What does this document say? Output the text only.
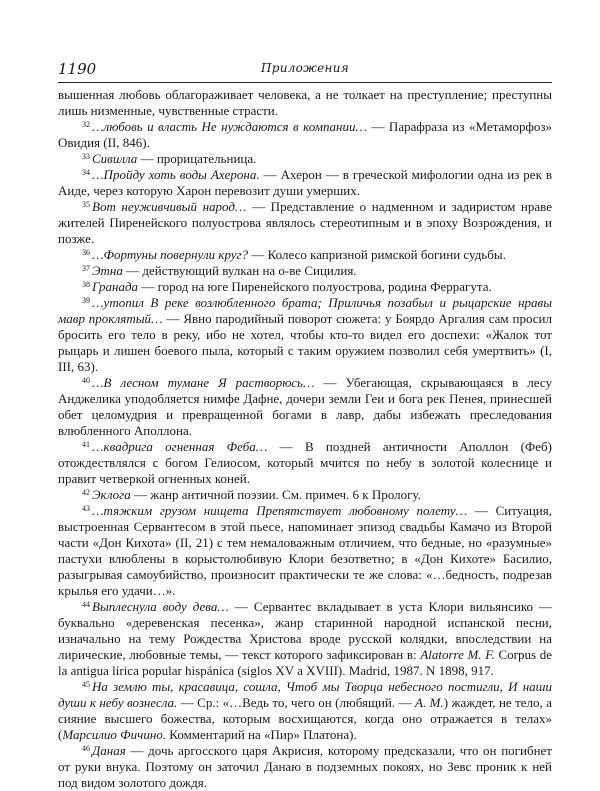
1190	Приложения

вышенная любовь облагораживает человека, а не толкает на преступление; преступны лишь низменные, чувственные страсти.

$^{32}$ …любовь и власть Не нуждаются в компании… — Парафраза из «Метаморфоз» Овидия (II, 846).

$^{33}$ Сивилла — прорицательница.

$^{34}$ …Пройду хоть воды Ахерона. — Ахерон — в греческой мифологии одна из рек в Аиде, через которую Харон перевозит души умерших.

$^{35}$ Вот неуживчивый народ… — Представление о надменном и задиристом нраве жителей Пиренейского полуострова являлось стереотипным и в эпоху Возрождения, и позже.

$^{36}$ …Фортуны повернули круг? — Колесо капризной римской богини судьбы.

$^{37}$ Этна — действующий вулкан на о-ве Сицилия.

$^{38}$ Гранада — город на юге Пиренейского полуострова, родина Феррагута.

$^{39}$ …утопил В реке возлюбленного брата; Приличья позабыл и рыцарские нравы мавр проклятый… — Явно пародийный поворот сюжета: у Боярдо Аргалия сам просил бросить его тело в реку, ибо не хотел, чтобы кто-то видел его доспехи: «Жалок тот рыцарь и лишен боевого пыла, который с таким оружием позволил себя умертвить» (I, III, 63).

$^{40}$ …В лесном тумане Я растворюсь… — Убегающая, скрывающаяся в лесу Анджелика уподобляется нимфе Дафне, дочери земли Геи и бога рек Пенея, принесшей обет целомудрия и превращенной богами в лавр, дабы избежать преследования влюбленного Аполлона.

$^{41}$ …квадрига огненная Феба… — В поздней античности Аполлон (Феб) отождествлялся с богом Гелиосом, который мчится по небу в золотой колеснице и правит четверкой огненных коней.

$^{42}$ Эклога — жанр античной поэзии. См. примеч. 6 к Прологу.

$^{43}$ …тяжким грузом нищета Препятствует любовному полету… — Ситуация, выстроенная Сервантесом в этой пьесе, напоминает эпизод свадьбы Камачо из Второй части «Дон Кихота» (II, 21) с тем немаловажным отличием, что бедные, но «разумные» пастухи влюблены в корыстолюбивую Клори безответно; в «Дон Кихоте» Басилио, разыгрывая самоубийство, произносит практически те же слова: «…бедность, подрезав крылья его удачи…».

$^{44}$ Выплеснула воду дева… — Сервантес вкладывает в уста Клори вильянсико — буквально «деревенская песенка», жанр старинной народной испанской песни, изначально на тему Рождества Христова вроде русской колядки, впоследствии на лирические, любовные темы, — текст которого зафиксирован в: Alatorre M. F. Corpus de la antigua lírica popular hispánica (siglos XV a XVIII). Madrid, 1987. N 1898, 917.

$^{45}$ На землю ты, красавица, сошла, Чтоб мы Творца небесного постигли, И наши души к небу вознесла. — Ср.: «…Ведь то, чего он (любящий. — А. М.) жаждет, не тело, а сияние высшего божества, которым восхищаются, когда оно отражается в телах» (Марсилио Фичино. Комментарий на «Пир» Платона).

$^{46}$ Даная — дочь аргосского царя Акрисия, которому предсказали, что он погибнет от руки внука. Поэтому он заточил Данаю в подземных покоях, но Зевс проник к ней под видом золотого дождя.
